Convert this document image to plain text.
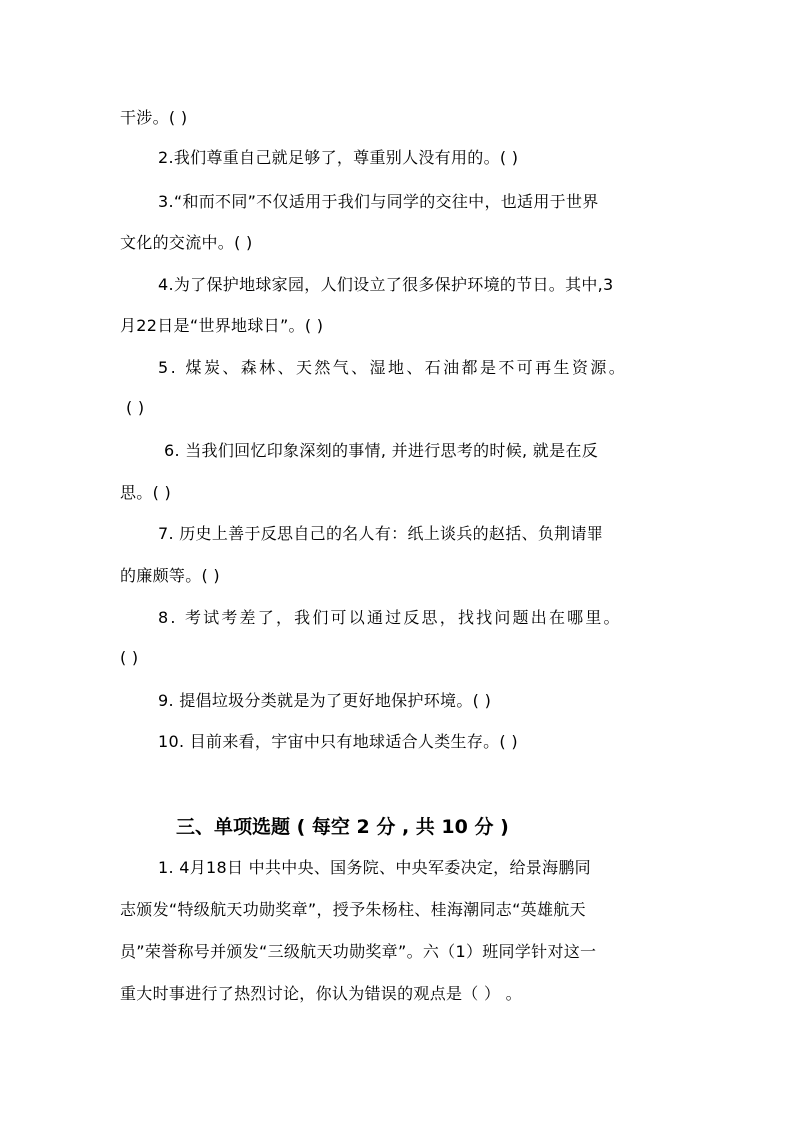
干涉。( )
2.我们尊重自己就足够了，尊重别人没有用的。( )
3.“和而不同”不仅适用于我们与同学的交往中，也适用于世界
文化的交流中。( )
4.为了保护地球家园，人们设立了很多保护环境的节日。其中,3
月22日是“世界地球日”。( )
5. 煤炭、森林、天然气、湿地、石油都是不可再生资源。
( )
6. 当我们回忆印象深刻的事情, 并进行思考的时候, 就是在反
思。( )
7. 历史上善于反思自己的名人有：纸上谈兵的赵括、负荆请罪
的廉颇等。( )
8. 考试考差了，我们可以通过反思，找找问题出在哪里。
( )
9. 提倡垃圾分类就是为了更好地保护环境。( )
10. 目前来看，宇宙中只有地球适合人类生存。( )
三、单项选题 ( 每空 2 分 , 共 10 分 )
1. 4月18日 中共中央、国务院、中央军委决定，给景海鹏同
志颁发“特级航天功勋奖章”，授予朱杨柱、桂海潮同志“英雄航天
员”荣誉称号并颁发“三级航天功勋奖章”。六（1）班同学针对这一
重大时事进行了热烈讨论，你认为错误的观点是（ ） 。
